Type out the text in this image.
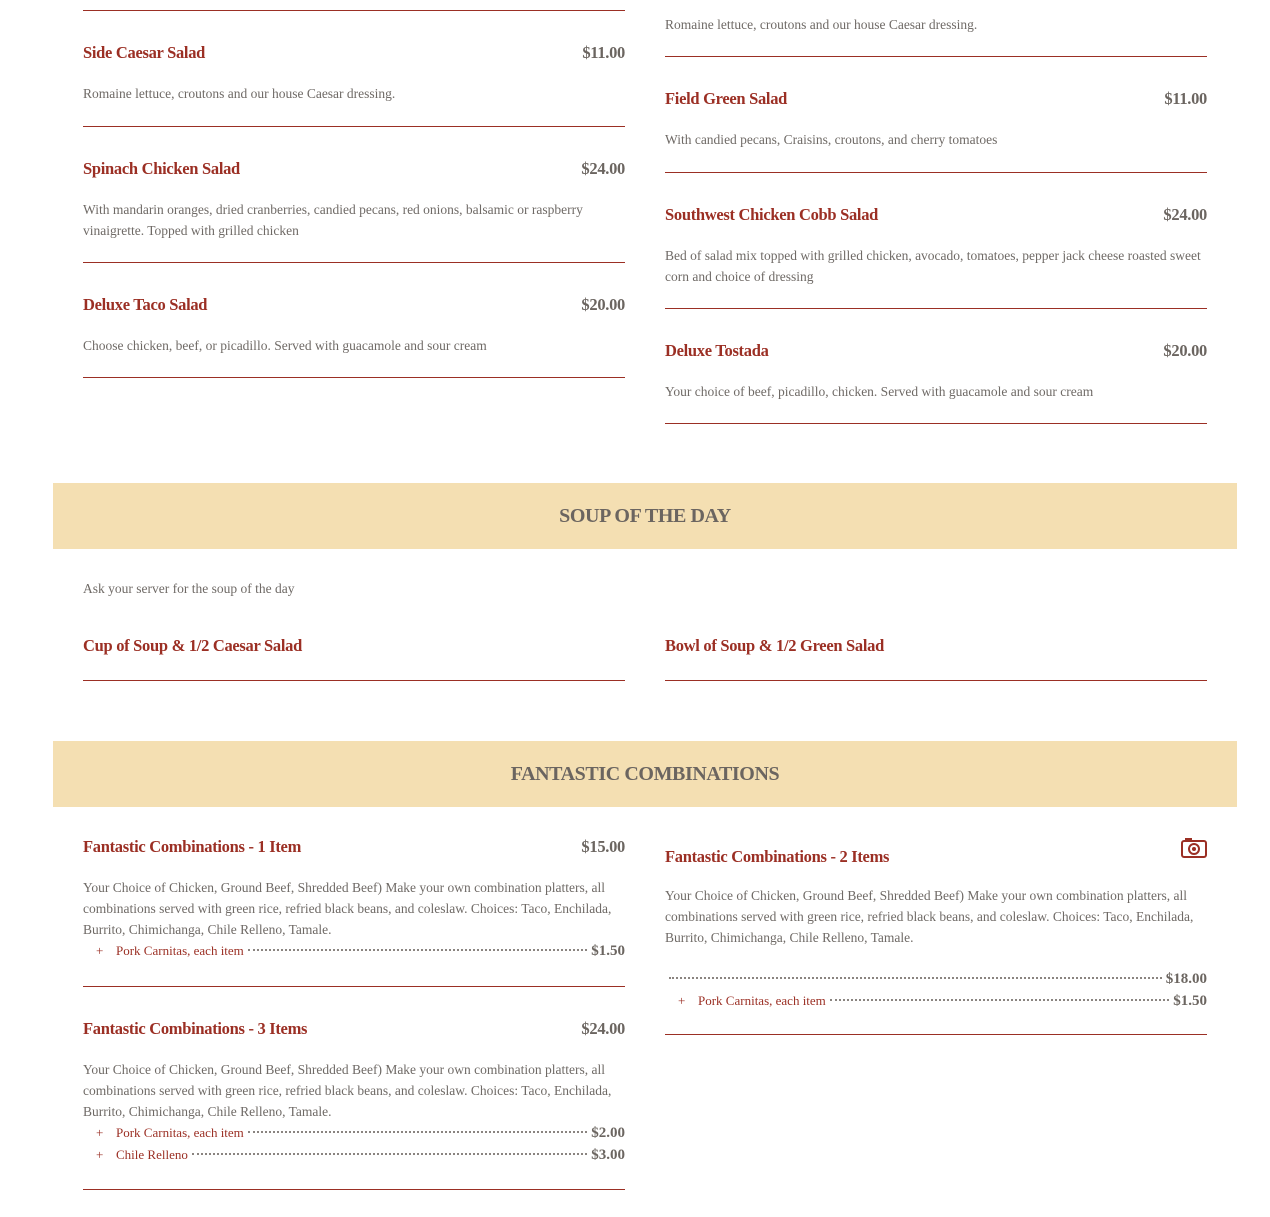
Side Caesar Salad	$11.00
Romaine lettuce, croutons and our house Caesar dressing.
Spinach Chicken Salad	$24.00
With mandarin oranges, dried cranberries, candied pecans, red onions, balsamic or raspberry vinaigrette. Topped with grilled chicken
Deluxe Taco Salad	$20.00
Choose chicken, beef, or picadillo. Served with guacamole and sour cream
Romaine lettuce, croutons and our house Caesar dressing.
Field Green Salad	$11.00
With candied pecans, Craisins, croutons, and cherry tomatoes
Southwest Chicken Cobb Salad	$24.00
Bed of salad mix topped with grilled chicken, avocado, tomatoes, pepper jack cheese roasted sweet corn and choice of dressing
Deluxe Tostada	$20.00
Your choice of beef, picadillo, chicken. Served with guacamole and sour cream
SOUP OF THE DAY
Ask your server for the soup of the day
Cup of Soup & 1/2 Caesar Salad	Bowl of Soup & 1/2 Green Salad
FANTASTIC COMBINATIONS
Fantastic Combinations - 1 Item	$15.00
Your Choice of Chicken, Ground Beef, Shredded Beef) Make your own combination platters, all combinations served with green rice, refried black beans, and coleslaw. Choices: Taco, Enchilada, Burrito, Chimichanga, Chile Relleno, Tamale.
+ Pork Carnitas, each item	$1.50
Fantastic Combinations - 3 Items	$24.00
Your Choice of Chicken, Ground Beef, Shredded Beef) Make your own combination platters, all combinations served with green rice, refried black beans, and coleslaw. Choices: Taco, Enchilada, Burrito, Chimichanga, Chile Relleno, Tamale.
+ Pork Carnitas, each item	$2.00
+ Chile Relleno	$3.00
Fantastic Combinations - 2 Items
Your Choice of Chicken, Ground Beef, Shredded Beef) Make your own combination platters, all combinations served with green rice, refried black beans, and coleslaw. Choices: Taco, Enchilada, Burrito, Chimichanga, Chile Relleno, Tamale.
$18.00
+ Pork Carnitas, each item	$1.50
